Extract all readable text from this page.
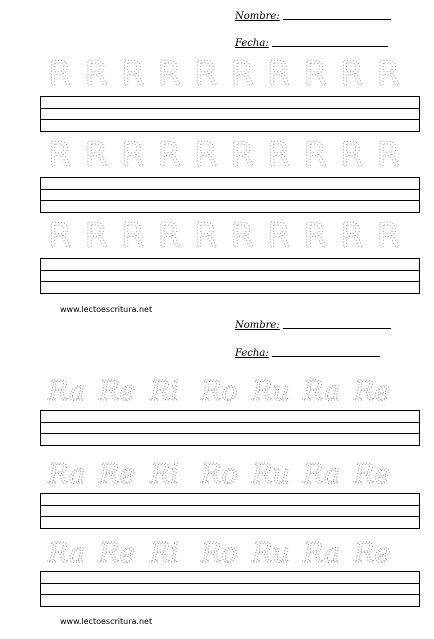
Nombre:
Fecha:
R R R R R R R R R R
R R R R R R R R R R
R R R R R R R R R R
www.lectoescritura.net
Nombre:
Fecha:
Ra Re Ri Ro Ru Ra Re
Ra Re Ri Ro Ru Ra Re
Ra Re Ri Ro Ru Ra Re
www.lectoescritura.net
